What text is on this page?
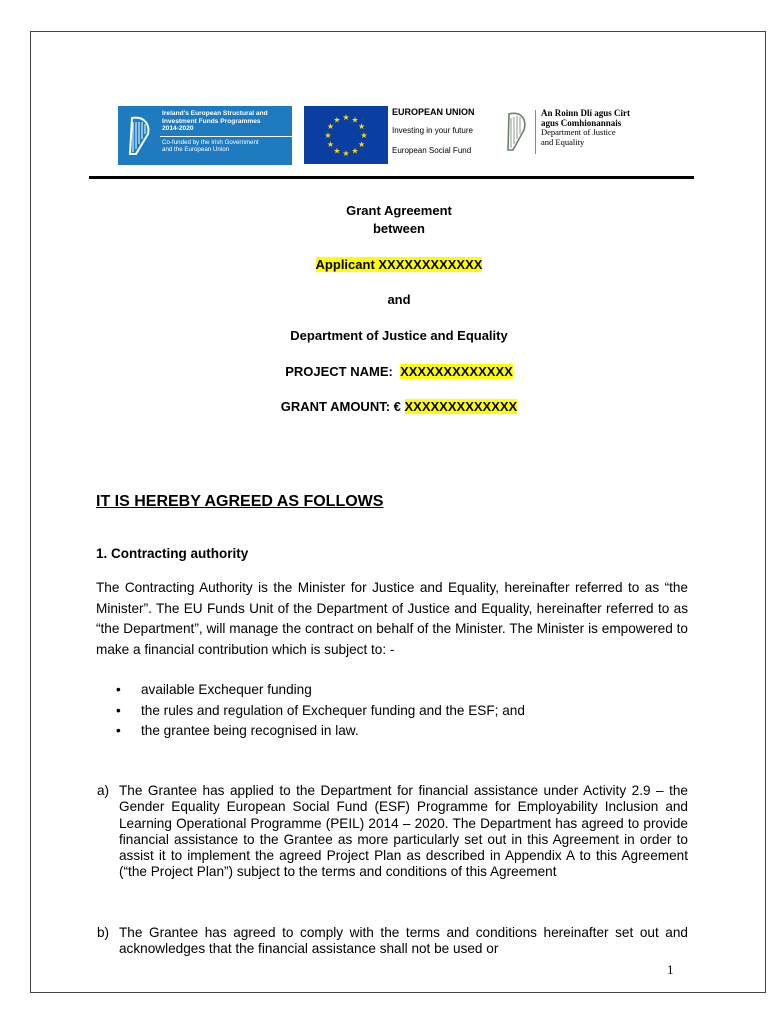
Ireland's European Structural and
Investment Funds Programmes
2014-2020
Co-funded by the Irish Government
and the European Union
★ ★
★
★
★
★
★
★
★
★
★
★
EUROPEAN UNION
Investing in your future
European Social Fund
An Roinn Dlí agus Cirt
agus Comhionannais
Department of Justice
and Equality
Grant Agreement
between
Applicant XXXXXXXXXXXX
and
Department of Justice and Equality
PROJECT NAME: XXXXXXXXXXXXX
GRANT AMOUNT: € XXXXXXXXXXXXX
IT IS HEREBY AGREED AS FOLLOWS
1. Contracting authority
The Contracting Authority is the Minister for Justice and Equality, hereinafter referred to as “the Minister”. The EU Funds Unit of the Department of Justice and Equality, hereinafter referred to as “the Department”, will manage the contract on behalf of the Minister. The Minister is empowered to make a financial contribution which is subject to: -
• available Exchequer funding
• the rules and regulation of Exchequer funding and the ESF; and
• the grantee being recognised in law.
a) The Grantee has applied to the Department for financial assistance under Activity 2.9 – the Gender Equality European Social Fund (ESF) Programme for Employability Inclusion and Learning Operational Programme (PEIL) 2014 – 2020. The Department has agreed to provide financial assistance to the Grantee as more particularly set out in this Agreement in order to assist it to implement the agreed Project Plan as described in Appendix A to this Agreement (“the Project Plan”) subject to the terms and conditions of this Agreement
b) The Grantee has agreed to comply with the terms and conditions hereinafter set out and acknowledges that the financial assistance shall not be used or
1
